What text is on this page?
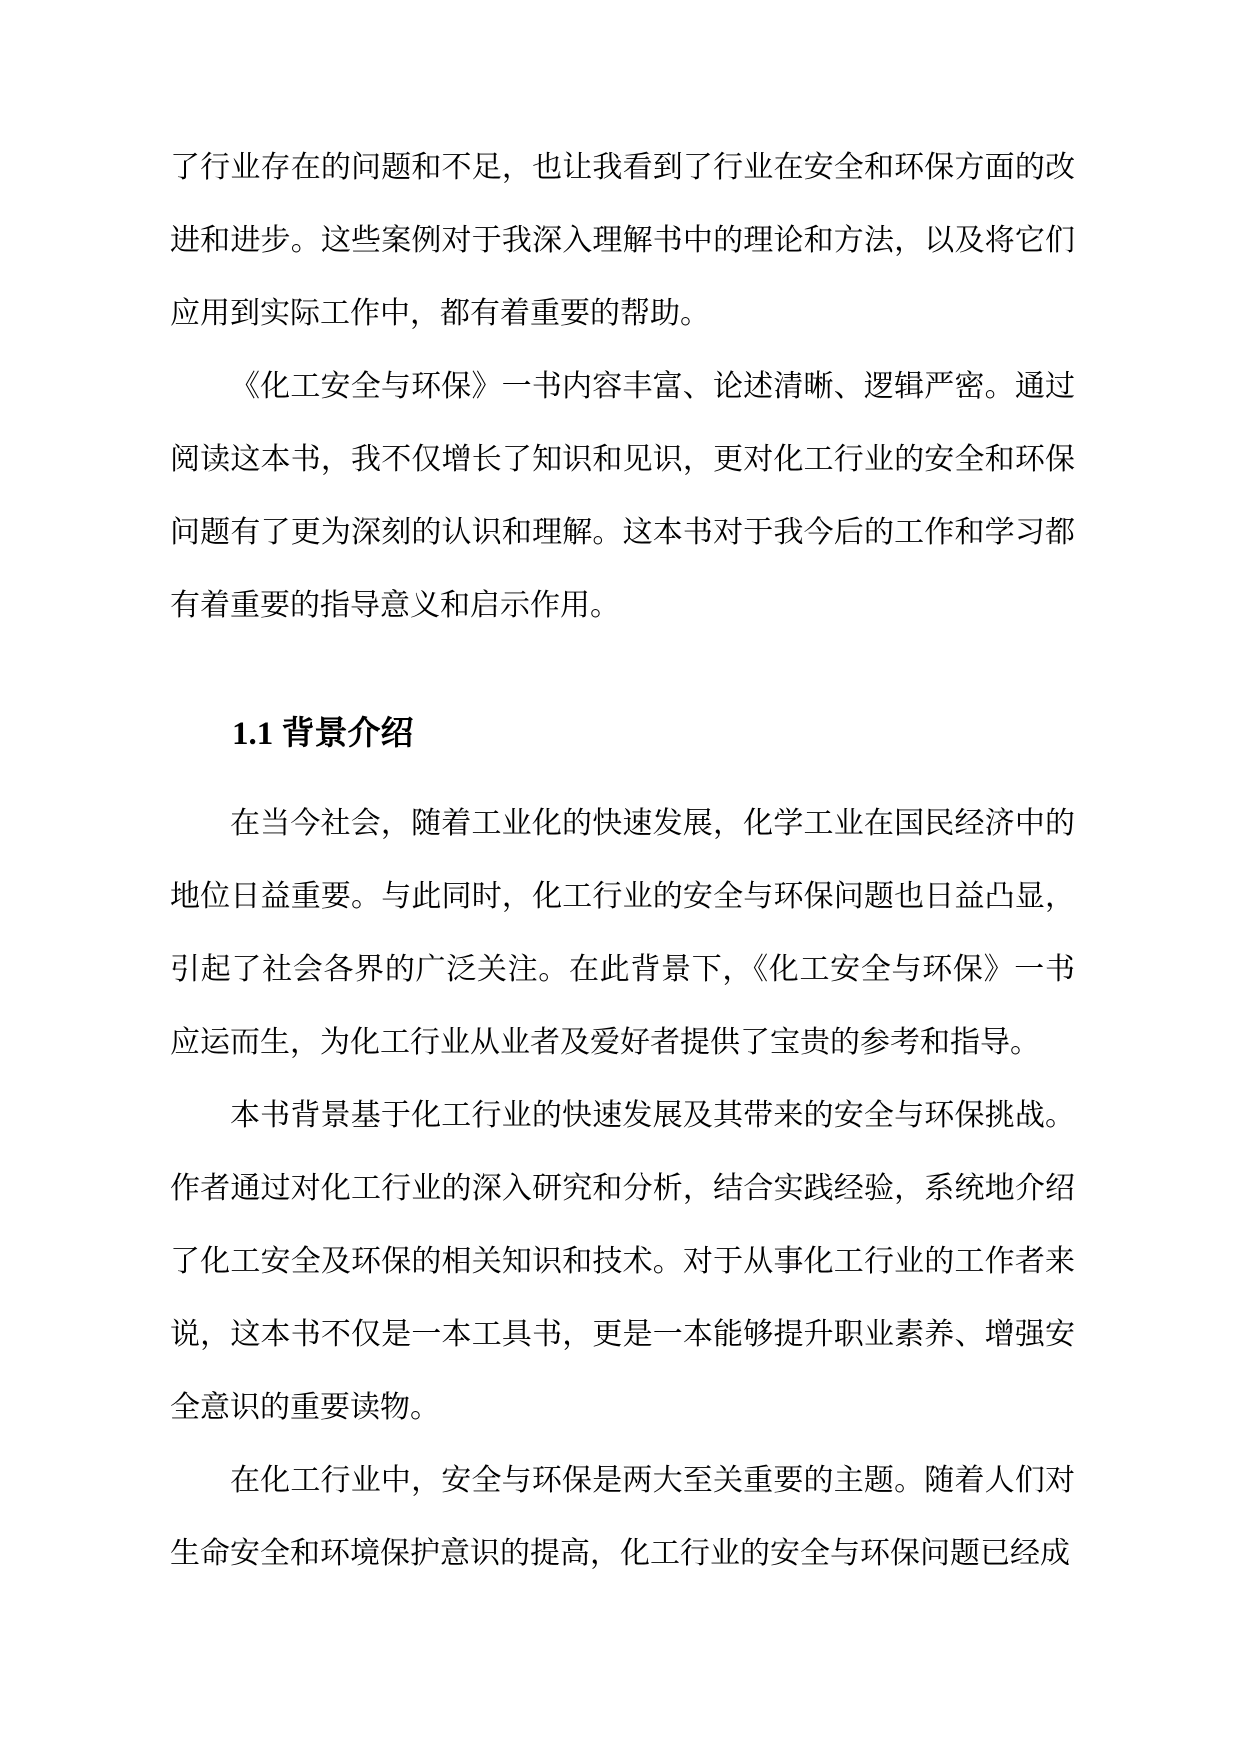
了行业存在的问题和不足，也让我看到了行业在安全和环保方面的改进和进步。这些案例对于我深入理解书中的理论和方法，以及将它们应用到实际工作中，都有着重要的帮助。

《化工安全与环保》一书内容丰富、论述清晰、逻辑严密。通过阅读这本书，我不仅增长了知识和见识，更对化工行业的安全和环保问题有了更为深刻的认识和理解。这本书对于我今后的工作和学习都有着重要的指导意义和启示作用。

1.1 背景介绍

在当今社会，随着工业化的快速发展，化学工业在国民经济中的地位日益重要。与此同时，化工行业的安全与环保问题也日益凸显，引起了社会各界的广泛关注。在此背景下，《化工安全与环保》一书应运而生，为化工行业从业者及爱好者提供了宝贵的参考和指导。

本书背景基于化工行业的快速发展及其带来的安全与环保挑战。作者通过对化工行业的深入研究和分析，结合实践经验，系统地介绍了化工安全及环保的相关知识和技术。对于从事化工行业的工作者来说，这本书不仅是一本工具书，更是一本能够提升职业素养、增强安全意识的重要读物。

在化工行业中，安全与环保是两大至关重要的主题。随着人们对生命安全和环境保护意识的提高，化工行业的安全与环保问题已经成
